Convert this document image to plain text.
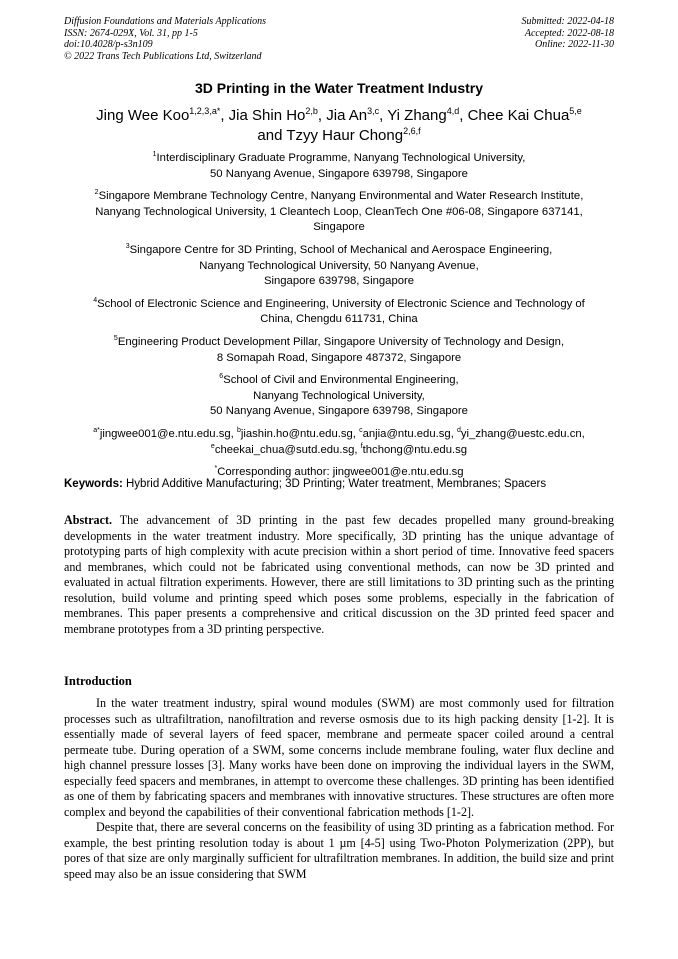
Diffusion Foundations and Materials Applications
ISSN: 2674-029X, Vol. 31, pp 1-5
doi:10.4028/p-s3n109
© 2022 Trans Tech Publications Ltd, Switzerland
Submitted: 2022-04-18
Accepted: 2022-08-18
Online: 2022-11-30
3D Printing in the Water Treatment Industry
Jing Wee Koo$^{1,2,3,a*}$, Jia Shin Ho$^{2,b}$, Jia An$^{3,c}$, Yi Zhang$^{4,d}$, Chee Kai Chua$^{5,e}$
and Tzyy Haur Chong$^{2,6,f}$
$^1$Interdisciplinary Graduate Programme, Nanyang Technological University,
50 Nanyang Avenue, Singapore 639798, Singapore
$^2$Singapore Membrane Technology Centre, Nanyang Environmental and Water Research Institute,
Nanyang Technological University, 1 Cleantech Loop, CleanTech One #06-08, Singapore 637141,
Singapore
$^3$Singapore Centre for 3D Printing, School of Mechanical and Aerospace Engineering,
Nanyang Technological University, 50 Nanyang Avenue,
Singapore 639798, Singapore
$^4$School of Electronic Science and Engineering, University of Electronic Science and Technology of
China, Chengdu 611731, China
$^5$Engineering Product Development Pillar, Singapore University of Technology and Design,
8 Somapah Road, Singapore 487372, Singapore
$^6$School of Civil and Environmental Engineering,
Nanyang Technological University,
50 Nanyang Avenue, Singapore 639798, Singapore
$^{a*}$jingwee001@e.ntu.edu.sg, $^b$jiashin.ho@ntu.edu.sg, $^c$anjia@ntu.edu.sg, $^d$yi_zhang@uestc.edu.cn,
$^e$cheekai_chua@sutd.edu.sg, $^f$thchong@ntu.edu.sg
*Corresponding author: jingwee001@e.ntu.edu.sg
Keywords: Hybrid Additive Manufacturing; 3D Printing; Water treatment, Membranes; Spacers
Abstract. The advancement of 3D printing in the past few decades propelled many ground-breaking developments in the water treatment industry. More specifically, 3D printing has the unique advantage of prototyping parts of high complexity with acute precision within a short period of time. Innovative feed spacers and membranes, which could not be fabricated using conventional methods, can now be 3D printed and evaluated in actual filtration experiments. However, there are still limitations to 3D printing such as the printing resolution, build volume and printing speed which poses some problems, especially in the fabrication of membranes. This paper presents a comprehensive and critical discussion on the 3D printed feed spacer and membrane prototypes from a 3D printing perspective.
Introduction

In the water treatment industry, spiral wound modules (SWM) are most commonly used for filtration processes such as ultrafiltration, nanofiltration and reverse osmosis due to its high packing density [1-2]. It is essentially made of several layers of feed spacer, membrane and permeate spacer coiled around a central permeate tube. During operation of a SWM, some concerns include membrane fouling, water flux decline and high channel pressure losses [3]. Many works have been done on improving the individual layers in the SWM, especially feed spacers and membranes, in attempt to overcome these challenges. 3D printing has been identified as one of them by fabricating spacers and membranes with innovative structures. These structures are often more complex and beyond the capabilities of their conventional fabrication methods [1-2].

Despite that, there are several concerns on the feasibility of using 3D printing as a fabrication method. For example, the best printing resolution today is about 1 µm [4-5] using Two-Photon Polymerization (2PP), but pores of that size are only marginally sufficient for ultrafiltration membranes. In addition, the build size and print speed may also be an issue considering that SWM
